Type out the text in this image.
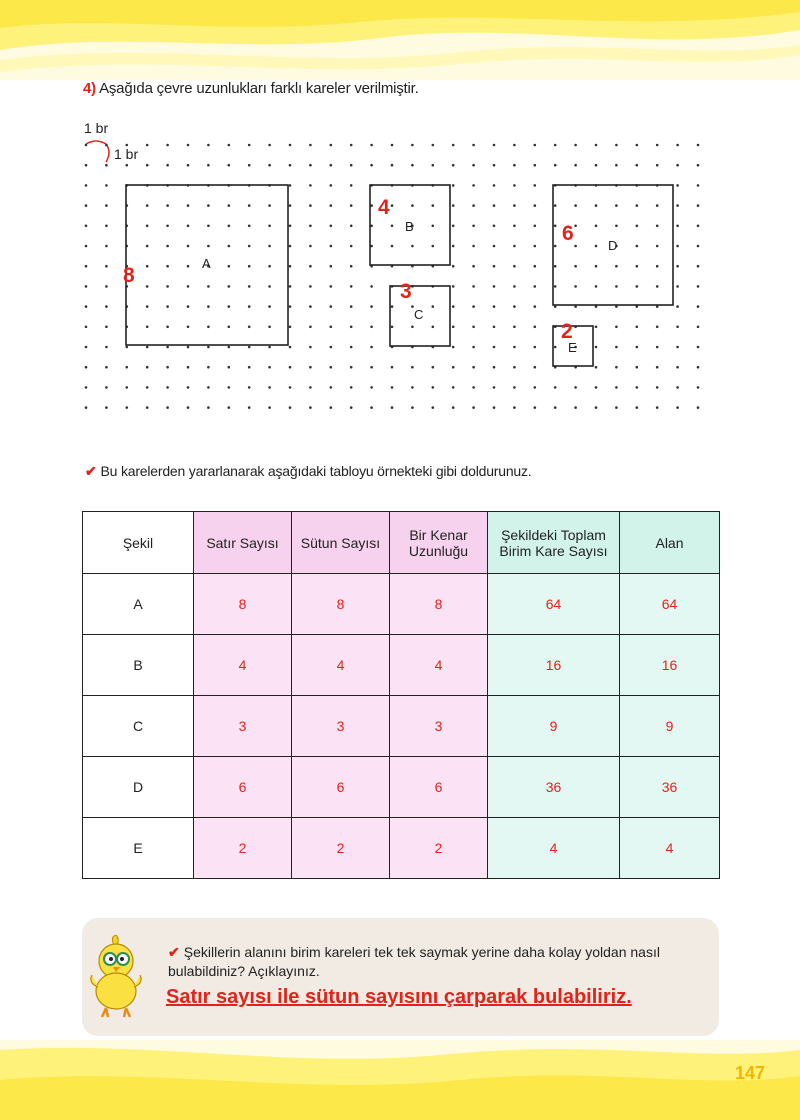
4) Aşağıda çevre uzunlukları farklı kareler verilmiştir.
1 br
1 br
A
B
C
D
E
8
4
3
6
2
✔ Bu karelerden yararlanarak aşağıdaki tabloyu örnekteki gibi doldurunuz.
Şekil	Satır Sayısı	Sütun Sayısı	Bir Kenar Uzunluğu	Şekildeki Toplam Birim Kare Sayısı	Alan
A	8	8	8	64	64
B	4	4	4	16	16
C	3	3	3	9	9
D	6	6	6	36	36
E	2	2	2	4	4
✔ Şekillerin alanını birim kareleri tek tek saymak yerine daha kolay yoldan nasıl bulabildiniz? Açıklayınız.
Satır sayısı ile sütun sayısını çarparak bulabiliriz.
147
